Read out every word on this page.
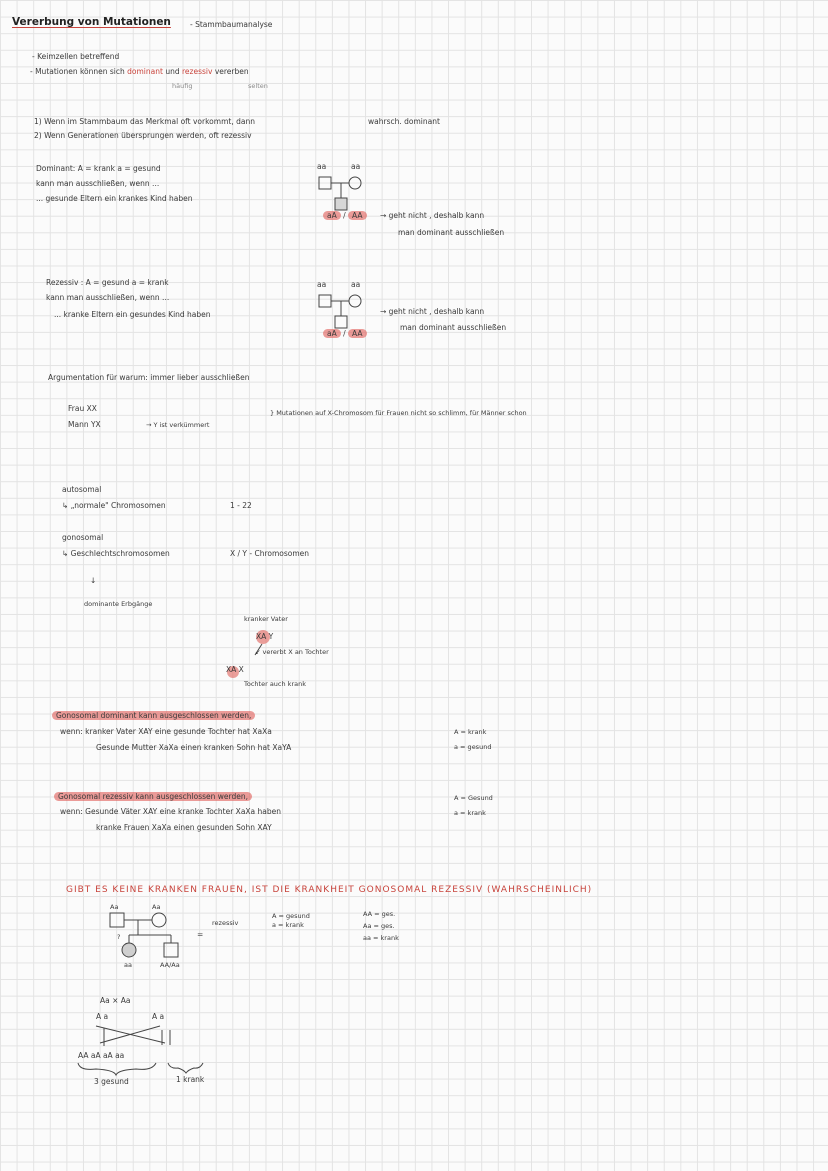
Vererbung von Mutationen	- Stammbaumanalyse
- Keimzellen betreffend
- Mutationen können sich dominant und rezessiv vererben
häufig	selten
1) Wenn im Stammbaum das Merkmal oft vorkommt, dann	wahrsch. dominant
2) Wenn Generationen übersprungen werden, oft rezessiv
Dominant: A = krank a = gesund
kann man ausschließen, wenn ...
... gesunde Eltern ein krankes Kind haben
aa	aa
aA / AA	→ geht nicht , deshalb kann
man dominant ausschließen
Rezessiv : A = gesund a = krank
kann man ausschließen, wenn ...
... kranke Eltern ein gesundes Kind haben
aa	aa
aA / AA
→ geht nicht , deshalb kann
man dominant ausschließen
Argumentation für warum: immer lieber ausschließen
Frau XX
Mann YX	→ Y ist verkümmert
} Mutationen auf X-Chromosom für Frauen nicht so schlimm, für Männer schon
autosomal
↳ „normale" Chromosomen	1 - 22
gonosomal
↳ Geschlechtschromosomen	X / Y - Chromosomen
↓
dominante Erbgänge
kranker Vater
XA Y
↙ vererbt X an Tochter
XA X
Tochter auch krank
Gonosomal dominant kann ausgeschlossen werden,
wenn: kranker Vater XAY eine gesunde Tochter hat XaXa
Gesunde Mutter XaXa einen kranken Sohn hat XaYA
A = krank
a = gesund
Gonosomal rezessiv kann ausgeschlossen werden,
wenn: Gesunde Väter XAY eine kranke Tochter XaXa haben
kranke Frauen XaXa einen gesunden Sohn XAY
A = Gesund
a = krank
GIBT ES KEINE KRANKEN FRAUEN, IST DIE KRANKHEIT GONOSOMAL REZESSIV (WAHRSCHEINLICH)
Aa	Aa
?
aa	AA/Aa
=
rezessiv
A = gesund
a = krank
AA = ges.
Aa = ges.
aa = krank
Aa × Aa
A a	A a
AA aA aA aa
3 gesund	1 krank
